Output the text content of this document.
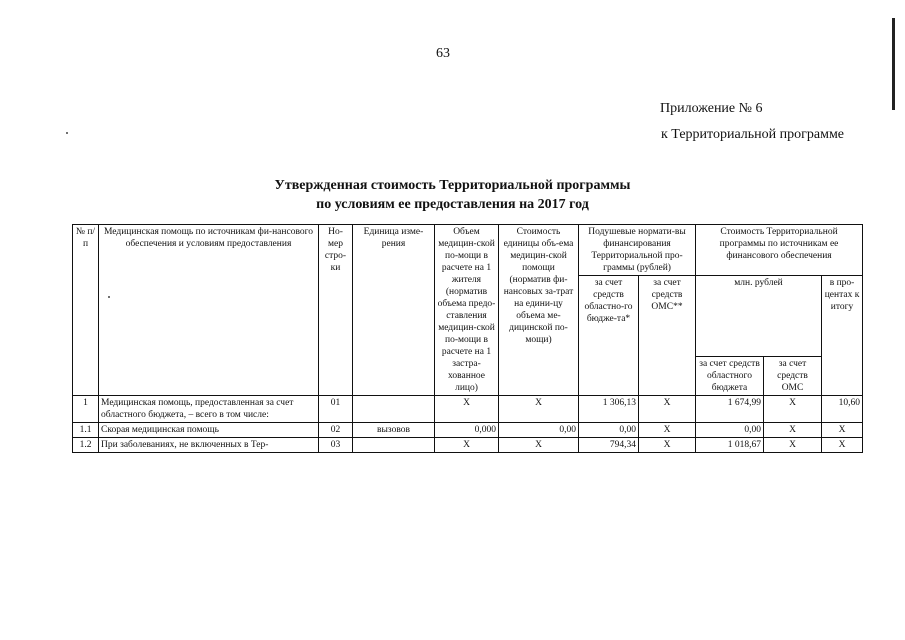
63
Приложение № 6
к Территориальной программе
Утвержденная стоимость Территориальной программы
по условиям ее предоставления на 2017 год
№ п/п	Медицинская помощь по источникам фи-нансового обеспечения и условиям предоставления	Но-мер стро-ки	Единица изме-рения	Объем медицин-ской по-мощи в расчете на 1 жителя (норматив объема предо-ставления медицин-ской по-мощи в расчете на 1 застра-хованное лицо)	Стоимость единицы объ-ема медицин-ской помощи (норматив фи-нансовых за-трат на едини-цу объема ме-дицинской по-мощи)	Подушевые нормати-вы финансирования Территориальной про-граммы (рублей)		Стоимость Территориальной программы по источникам ее финансового обеспечения		
						за счет средств областно-го бюдже-та*	за счет средств ОМС**	млн. рублей		в про-центах к итогу
								за счет средств областного бюджета	за счет средств ОМС	
1	Медицинская помощь, предоставленная за счет областного бюджета, – всего в том числе:	01		Х	Х	1 306,13	Х	1 674,99	Х	10,60
1.1	Скорая медицинская помощь	02	вызовов	0,000	0,00	0,00	Х	0,00	Х	Х
1.2	При заболеваниях, не включенных в Тер-	03		Х	Х	794,34	Х	1 018,67	Х	Х
